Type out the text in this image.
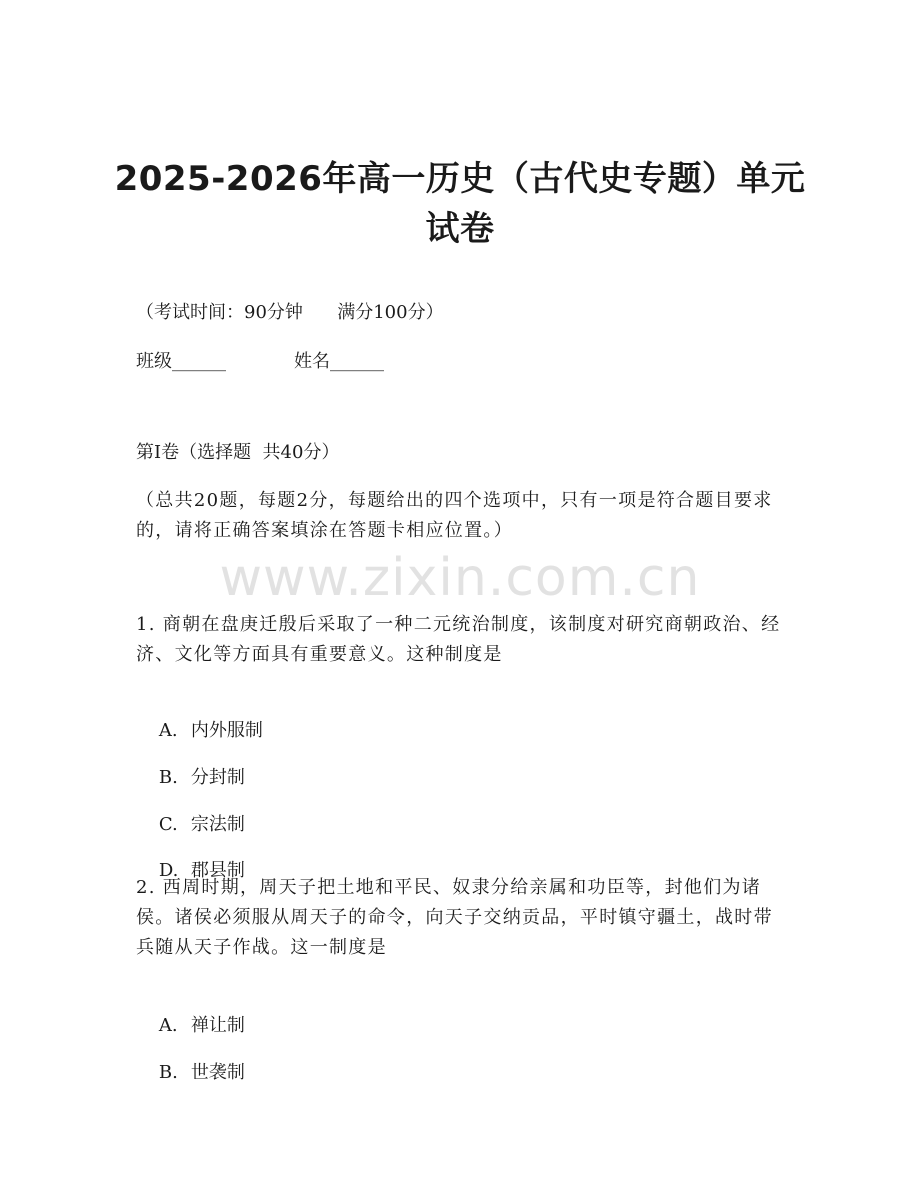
2025-2026年高一历史（古代史专题）单元
试卷

（考试时间：90分钟      满分100分）

班级______	姓名______

第Ⅰ卷（选择题  共40分）

（总共20题，每题2分，每题给出的四个选项中，只有一项是符合题目要求的，请将正确答案填涂在答题卡相应位置。）

www.zixin.com.cn

1. 商朝在盘庚迁殷后采取了一种二元统治制度，该制度对研究商朝政治、经济、文化等方面具有重要意义。这种制度是

A. 内外服制

B. 分封制

C. 宗法制

D. 郡县制

2. 西周时期，周天子把土地和平民、奴隶分给亲属和功臣等，封他们为诸侯。诸侯必须服从周天子的命令，向天子交纳贡品，平时镇守疆土，战时带兵随从天子作战。这一制度是

A. 禅让制

B. 世袭制
